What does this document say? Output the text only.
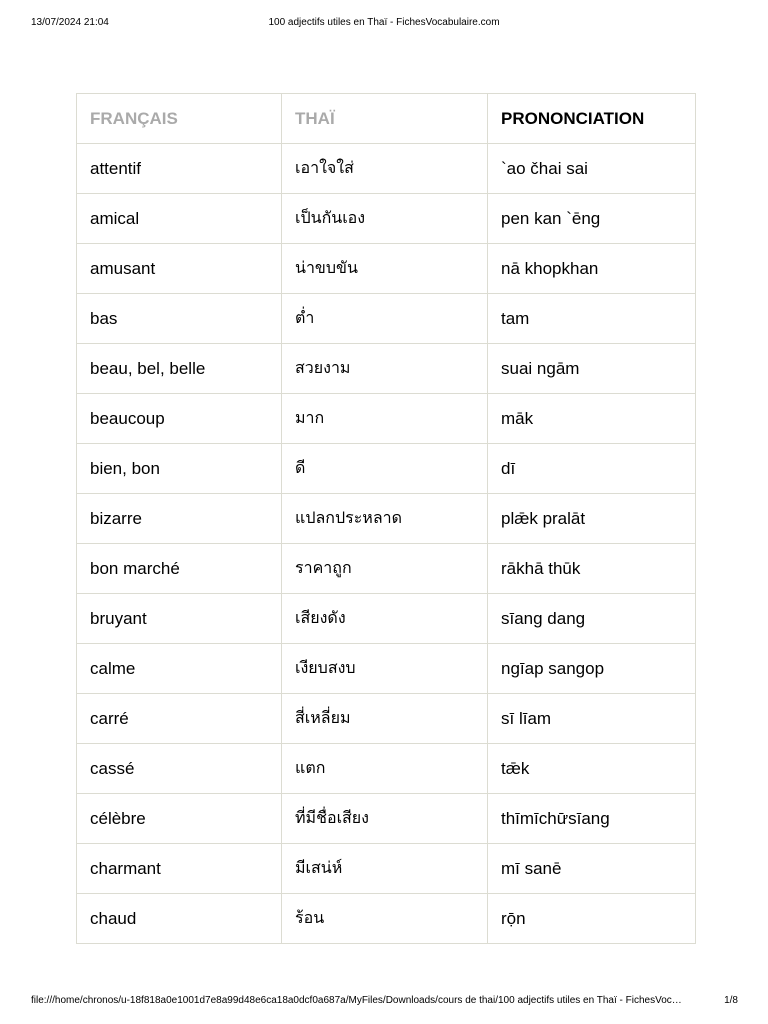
13/07/2024 21:04	100 adjectifs utiles en Thaï - FichesVocabulaire.com
FRANÇAIS	THAÏ	PRONONCIATION
attentif	เอาใจใส่	`ao čhai sai
amical	เป็นกันเอง	pen kan `ēng
amusant	น่าขบขัน	nā khopkhan
bas	ต่ำ	tam
beau, bel, belle	สวยงาม	suai ngām
beaucoup	มาก	māk
bien, bon	ดี	dī
bizarre	แปลกประหลาด	plǣk pralāt
bon marché	ราคาถูก	rākhā thūk
bruyant	เสียงดัง	sīang dang
calme	เงียบสงบ	ngīap sangop
carré	สี่เหลี่ยม	sī līam
cassé	แตก	tǣk
célèbre	ที่มีชื่อเสียง	thīmīchư̄sīang
charmant	มีเสน่ห์	mī sanē
chaud	ร้อน	rọ̄n
file:///home/chronos/u-18f818a0e1001d7e8a99d48e6ca18a0dcf0a687a/MyFiles/Downloads/cours de thai/100 adjectifs utiles en Thaï - FichesVoc…	1/8
